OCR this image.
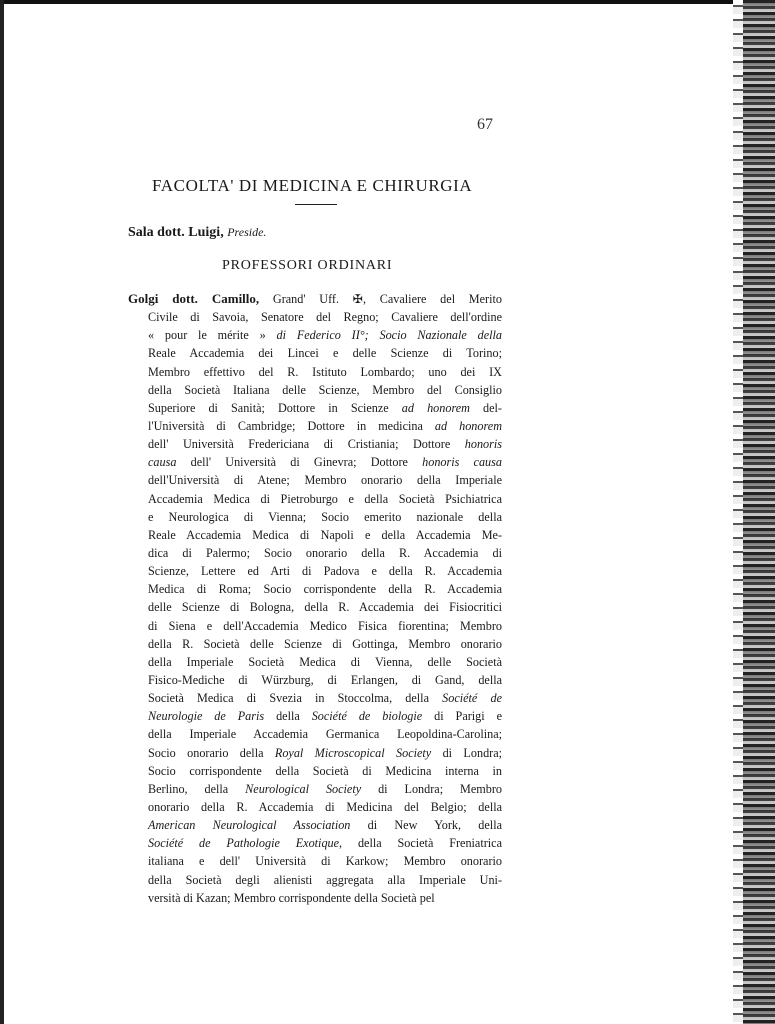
67
FACOLTA' DI MEDICINA E CHIRURGIA
Sala dott. Luigi, Preside.
PROFESSORI ORDINARI
Golgi dott. Camillo, Grand' Uff. ✠, Cavaliere del Merito
Civile di Savoia, Senatore del Regno; Cavaliere dell'ordine
« pour le mérite » di Federico II°; Socio Nazionale della
Reale Accademia dei Lincei e delle Scienze di Torino;
Membro effettivo del R. Istituto Lombardo; uno dei IX
della Società Italiana delle Scienze, Membro del Consiglio
Superiore di Sanità; Dottore in Scienze ad honorem del-
l'Università di Cambridge; Dottore in medicina ad honorem
dell' Università Fredericiana di Cristiania; Dottore honoris
causa dell' Università di Ginevra; Dottore honoris causa
dell'Università di Atene; Membro onorario della Imperiale
Accademia Medica di Pietroburgo e della Società Psichiatrica
e Neurologica di Vienna; Socio emerito nazionale della
Reale Accademia Medica di Napoli e della Accademia Me-
dica di Palermo; Socio onorario della R. Accademia di
Scienze, Lettere ed Arti di Padova e della R. Accademia
Medica di Roma; Socio corrispondente della R. Accademia
delle Scienze di Bologna, della R. Accademia dei Fisiocritici
di Siena e dell'Accademia Medico Fisica fiorentina; Membro
della R. Società delle Scienze di Gottinga, Membro onorario
della Imperiale Società Medica di Vienna, delle Società
Fisico-Mediche di Würzburg, di Erlangen, di Gand, della
Società Medica di Svezia in Stoccolma, della Société de
Neurologie de Paris della Société de biologie di Parigi e
della Imperiale Accademia Germanica Leopoldina-Carolina;
Socio onorario della Royal Microscopical Society di Londra;
Socio corrispondente della Società di Medicina interna in
Berlino, della Neurological Society di Londra; Membro
onorario della R. Accademia di Medicina del Belgio; della
American Neurological Association di New York, della
Société de Pathologie Exotique, della Società Freniatrica
italiana e dell' Università di Karkow; Membro onorario
della Società degli alienisti aggregata alla Imperiale Uni-
versità di Kazan; Membro corrispondente della Società pel
